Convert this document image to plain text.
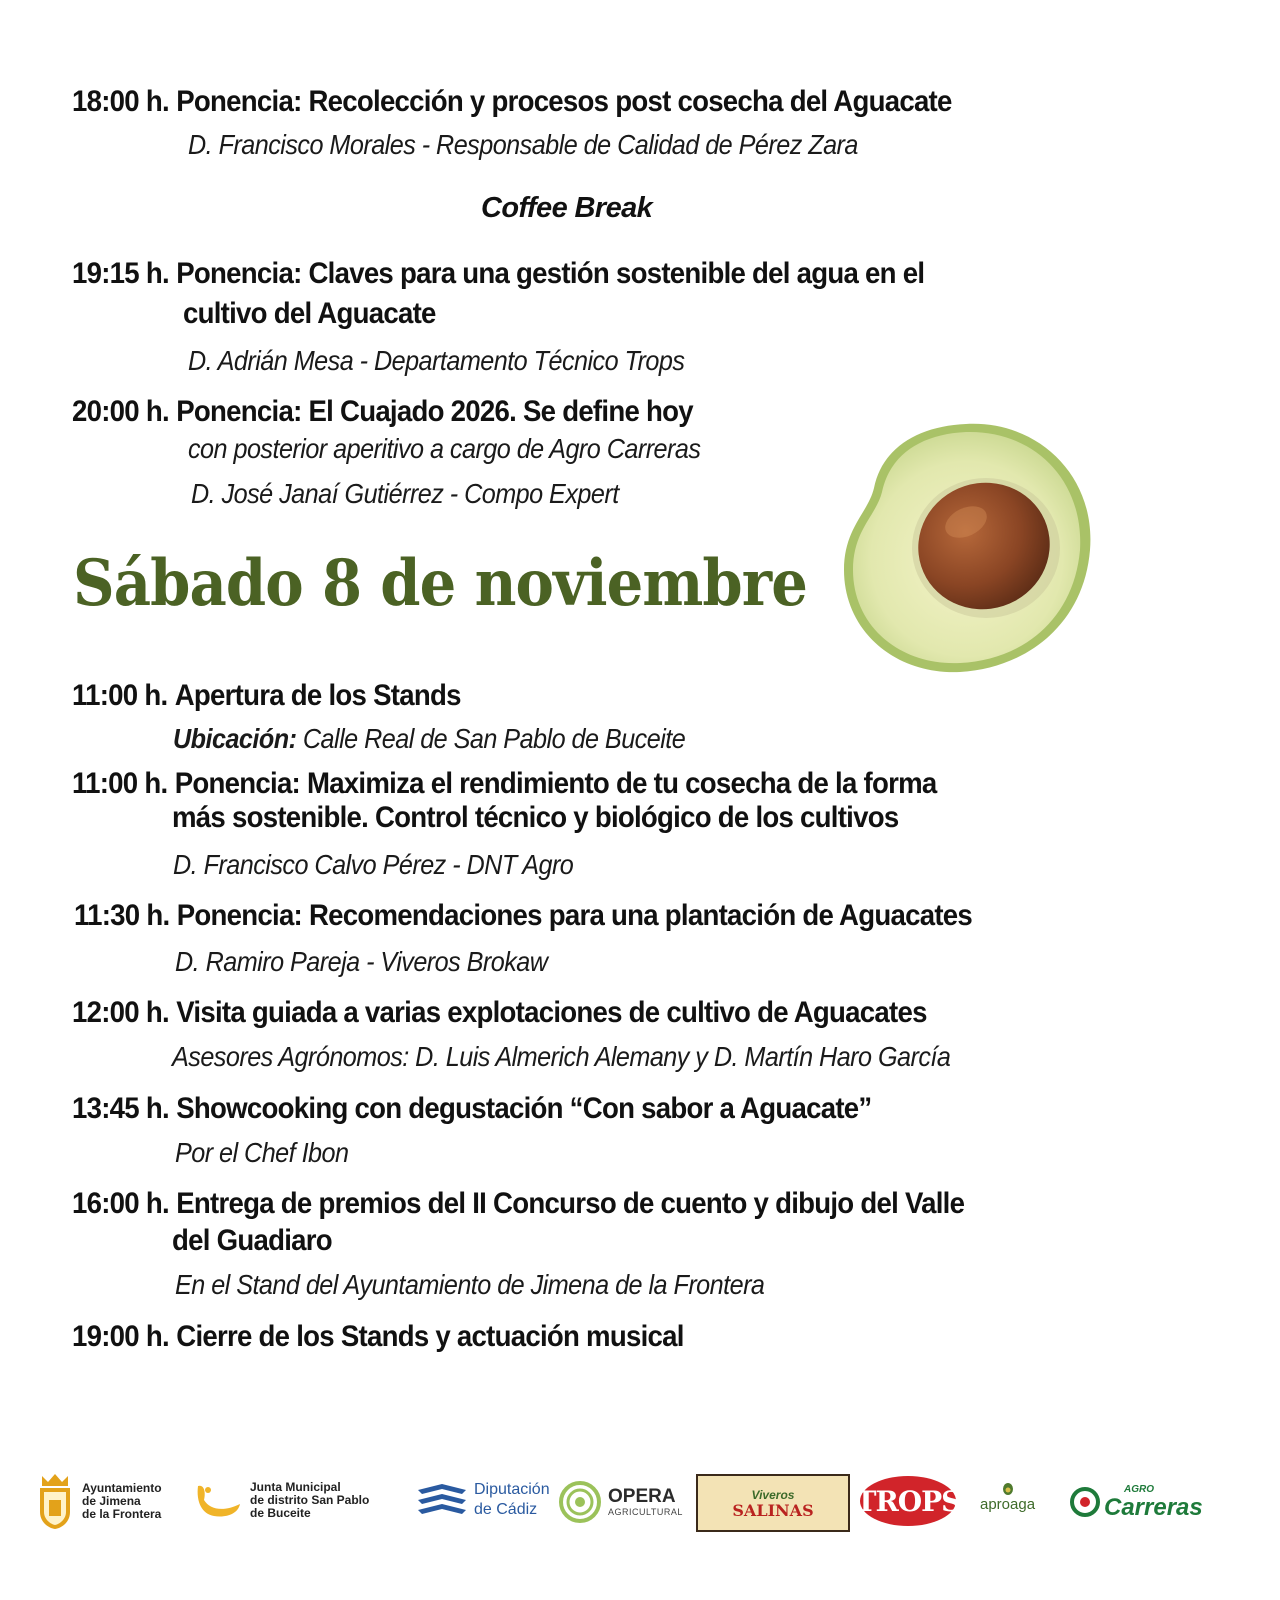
18:00 h. Ponencia: Recolección y procesos post cosecha del Aguacate
D. Francisco Morales - Responsable de Calidad de Pérez Zara
Coffee Break
19:15 h. Ponencia: Claves para una gestión sostenible del agua en el
cultivo del Aguacate
D. Adrián Mesa - Departamento Técnico Trops
20:00 h. Ponencia: El Cuajado 2026. Se define hoy
con posterior aperitivo a cargo de Agro Carreras
D. José Janaí Gutiérrez - Compo Expert
Sábado 8 de noviembre
11:00 h. Apertura de los Stands
Ubicación: Calle Real de San Pablo de Buceite
11:00 h. Ponencia: Maximiza el rendimiento de tu cosecha de la forma
más sostenible. Control técnico y biológico de los cultivos
D. Francisco Calvo Pérez - DNT Agro
11:30 h. Ponencia: Recomendaciones para una plantación de Aguacates
D. Ramiro Pareja - Viveros Brokaw
12:00 h. Visita guiada a varias explotaciones de cultivo de Aguacates
Asesores Agrónomos: D. Luis Almerich Alemany y D. Martín Haro García
13:45 h. Showcooking con degustación “Con sabor a Aguacate”
Por el Chef Ibon
16:00 h. Entrega de premios del II Concurso de cuento y dibujo del Valle
del Guadiaro
En el Stand del Ayuntamiento de Jimena de la Frontera
19:00 h. Cierre de los Stands y actuación musical
Ayuntamiento
de Jimena
de la Frontera
Junta Municipal
de distrito San Pablo
de Buceite
Diputación
de Cádiz
OPERA
AGRICULTURAL
Viveros
SALINAS TROPS aproaga
AGRO
Carreras
